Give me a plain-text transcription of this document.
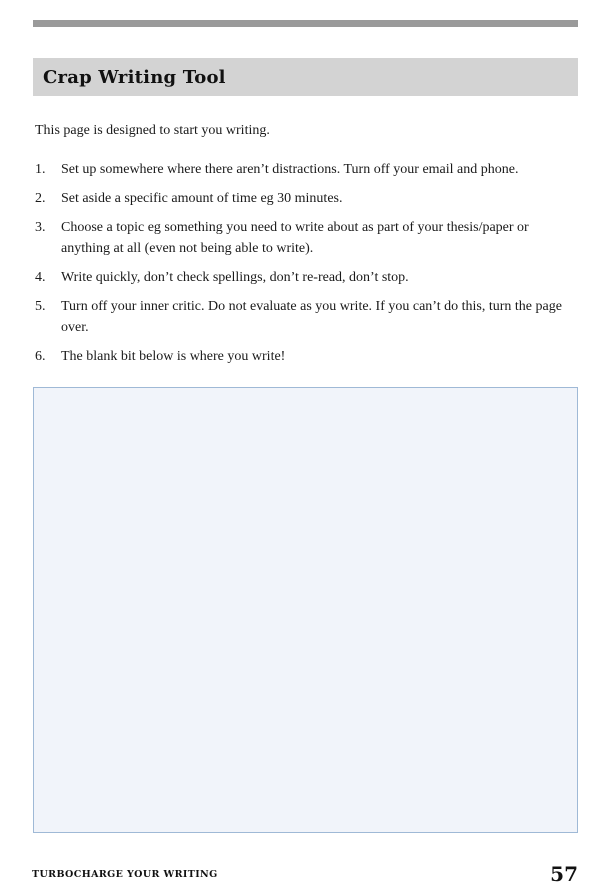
Crap Writing Tool

This page is designed to start you writing.

1.	Set up somewhere where there aren’t distractions. Turn off your email and phone.
2.	Set aside a specific amount of time eg 30 minutes.
3.	Choose a topic eg something you need to write about as part of your thesis/paper or anything at all (even not being able to write).
4.	Write quickly, don’t check spellings, don’t re-read, don’t stop.
5.	Turn off your inner critic. Do not evaluate as you write. If you can’t do this, turn the page over.
6.	The blank bit below is where you write!
TURBOCHARGE YOUR WRITING	57
